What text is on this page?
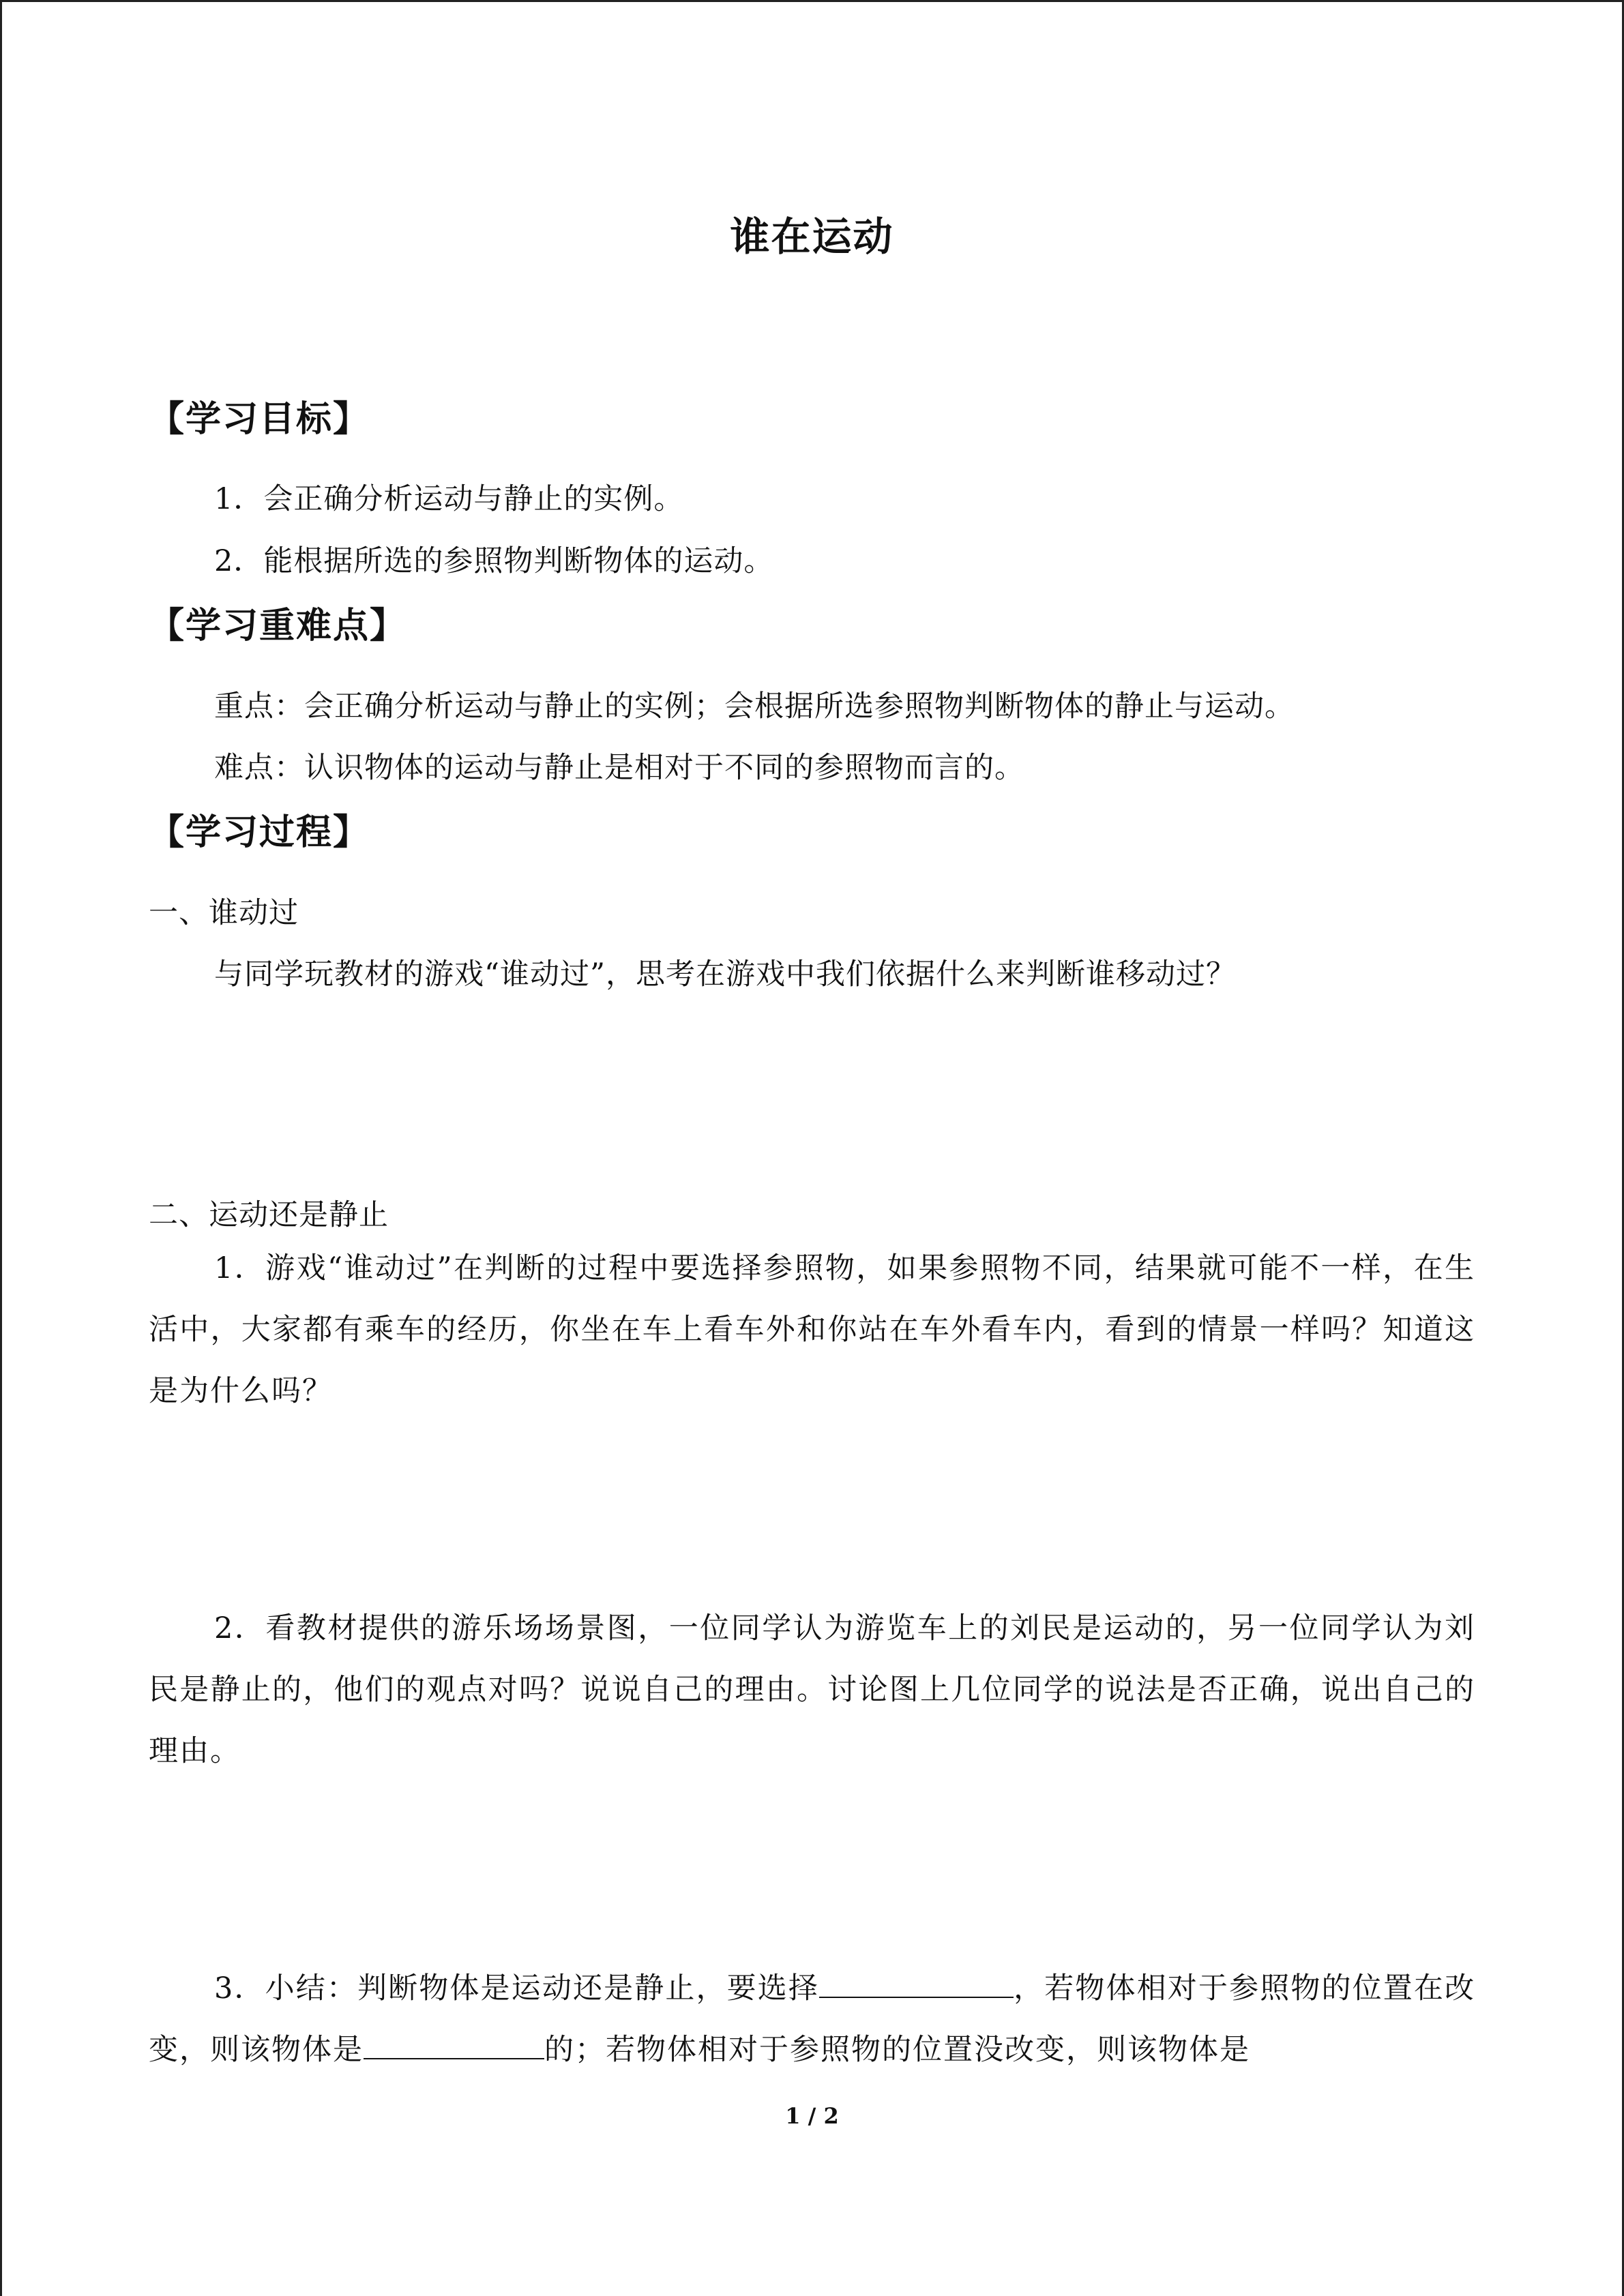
谁在运动
【学习目标】
1．会正确分析运动与静止的实例。
2．能根据所选的参照物判断物体的运动。
【学习重难点】
重点：会正确分析运动与静止的实例；会根据所选参照物判断物体的静止与运动。
难点：认识物体的运动与静止是相对于不同的参照物而言的。
【学习过程】
一、谁动过
与同学玩教材的游戏“谁动过”，思考在游戏中我们依据什么来判断谁移动过？
二、运动还是静止
1．游戏“谁动过”在判断的过程中要选择参照物，如果参照物不同，结果就可能不一样，在生活中，大家都有乘车的经历，你坐在车上看车外和你站在车外看车内，看到的情景一样吗？知道这是为什么吗？
2．看教材提供的游乐场场景图，一位同学认为游览车上的刘民是运动的，另一位同学认为刘民是静止的，他们的观点对吗？说说自己的理由。讨论图上几位同学的说法是否正确，说出自己的理由。
3．小结：判断物体是运动还是静止，要选择	，若物体相对于参照物的位置在改变，则该物体是	的；若物体相对于参照物的位置没改变，则该物体是
1 / 2
